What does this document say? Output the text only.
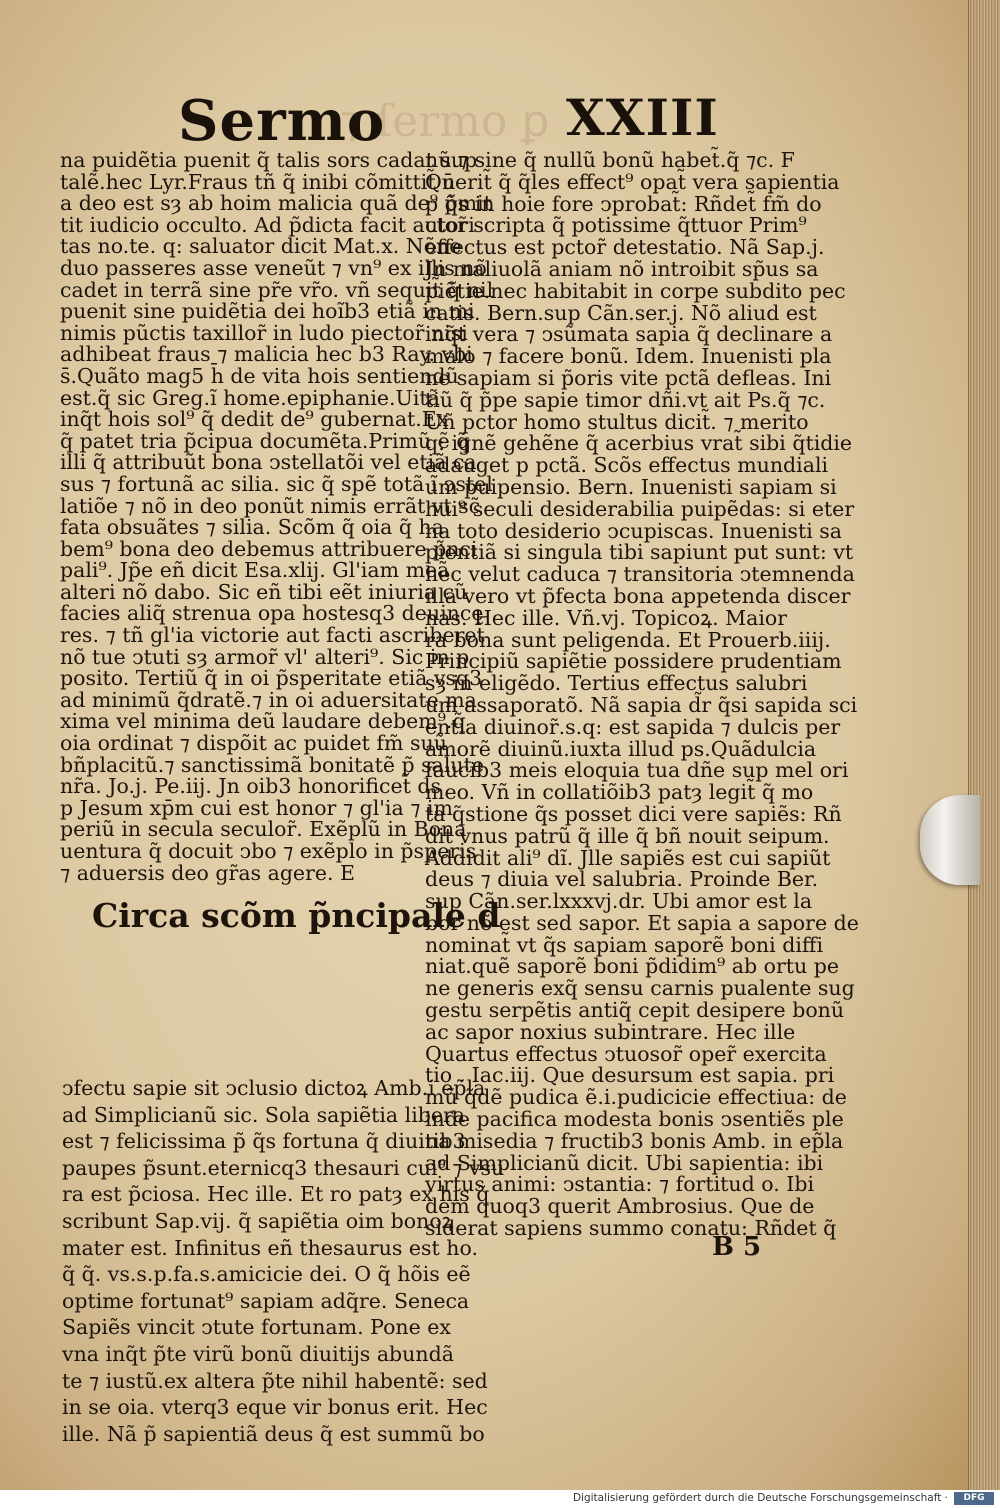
⁊ ſermo ꝑ
Sermo	XXIII
na puidẽtia puenit q̃ talis sors cadat sup
talẽ.hec Lyr.Fraus tñ q̃ inibi cõmittit̃ n̄
a deo est sȝ ab hoim malicia quã de⁹ p̃mit
tit iudicio occulto. Ad p̃dicta facit autori
tas no.te. q: saluator dicit Mat.x. Nõne
duo passeres asse veneũt ⁊ vn⁹ ex illis nõ
cadet in terrã sine pr̃e vr̃o. vñ sequit̃ q̃ nil
puenit sine puidẽtia dei hoĩb3 etiã in mi
nimis pũctis taxillor̃ in ludo piector̃ nisi
adhibeat fraus ⁊ malicia hec b3 Ray. vbi
s̄.Quãto mag5 h̄ de vita hois sentiendũ
est.q̃ sic Greg.ĩ home.epiphanie.Uitã
inq̃t hois sol⁹ q̃ dedit de⁹ gubernat.Ex
q̃ patet tria p̃cipua documẽta.Primũ ẽ q̃
illi q̃ attribuũt bona ↄstellatõi vel etiã ca
sus ⁊ fortunã ac silia. sic q̃ spẽ totã ĩ ↄstel
latiõe ⁊ nõ in deo ponũt nimis errãt vt sc̃
fata obsuãtes ⁊ silia. Scõm q̃ oia q̃ ha
bem⁹ bona deo debemus attribuere p̃nci
pali⁹. Jp̃e eñ dicit Esa.xlij. Gl'iam meã
alteri nõ dabo. Sic eñ tibi eẽt iniuria cũ
facies aliq̃ strenua opa hostesq3 deuince
res. ⁊ tñ gl'ia victorie aut facti ascriberet̃
nõ tue ↄtuti sȝ armor̃ vl' alteri⁹. Sic in p
posito. Tertiũ q̃ in oi p̃speritate etiã vsq3
ad minimũ q̃dratẽ.⁊ in oi aduersitate ma
xima vel minima deũ laudare debem⁹.q̃
oia ordinat ⁊ dispõit ac puidet fm̃ suũ
bñplacitũ.⁊ sanctissimã bonitatẽ p̃ salute
nr̃a. Jo.j. Pe.iij. Jn oib3 honorificet̃ ds
p Jesum xp̄m cui est honor ⁊ gl'ia ⁊ im
periũ in secula seculor̃. Exẽplũ in Bona
uentura q̃ docuit ↄbo ⁊ exẽplo in p̃speris
⁊ aduersis deo gr̃as agere. E
ↄfectu sapie sit ↄclusio dictoꝝ Amb.i ep̃la
ad Simplicianũ sic. Sola sapiẽtia libera
est ⁊ felicissima p̃ q̃s fortuna q̃ diuitib3
paupes p̃sunt.eternicq3 thesauri cui⁹ ⁊ vsu
ra est p̃ciosa. Hec ille. Et ro patȝ ex his q̃
scribunt Sap.vij. q̃ sapiẽtia oim bonoꝝ
mater est. Infinitus eñ thesaurus est ho.
q̃ q̃. vs.s.p.fa.s.amicicie dei. O q̃ hõis eẽ
optime fortunat⁹ sapiam adq̃re. Seneca
Sapiẽs vincit ↄtute fortunam. Pone ex
vna inq̃t p̃te virũ bonũ diuitijs abundã
te ⁊ iustũ.ex altera p̃te nihil habentẽ: sed
in se oia. vterq3 eque vir bonus erit. Hec
ille. Nã p̃ sapientiã deus q̃ est summũ bo
Circa scõm p̃ncipale d
nũ.⁊ sine q̃ nullũ bonũ habet̃.q̃ ⁊c. F
Querit̃ q̃ q̃les effect⁹ opat̃ vera sapientia
p q̃s in hoie fore ↄprobat̃: Rñdet̃ fm̃ do
ctor̃ scripta q̃ potissime q̃ttuor Prim⁹
effectus est pctor̃ detestatio. Nã Sap.j.
Jn maliuolã aniam nõ introibit sp̃us sa
piẽtie.nec habitabit in corpe subdito pec
catis. Bern.sup Cãn.ser.j. Nõ aliud est
inq̃t vera ⁊ ↄsũmata sapia q̃ declinare a
malo ⁊ facere bonũ. Idem. Inuenisti pla
ne sapiam si p̃oris vite pctã defleas. Ini
tiũ q̃ p̃pe sapie timor dñi.vt ait Ps.q̃ ⁊c.
Uñ pctor homo stultus dicit̃. ⁊ merito
q: ignẽ gehẽne q̃ acerbius vrat̃ sibi q̃tidie
adauget p pctã. Scõs effectus mundiali
um puipensio. Bern. Inuenisti sapiam si
hui⁹ seculi desiderabilia puipẽdas: si eter
na toto desiderio ↄcupiscas. Inuenisti sa
pientiã si singula tibi sapiunt put sunt: vt
hec velut caduca ⁊ transitoria ↄtemnenda
illa vero vt p̃fecta bona appetenda discer
nas. Hec ille. Vñ.vj. Topicoꝝ. Maior
ra bona sunt peligenda. Et Prouerb.iiij.
Principiũ sapiẽtie possidere prudentiam
sȝ in eligẽdo. Tertius effectus salubri
um assaporatõ. Nã sapia d̃r q̃si sapida sci
entia diuinor̃.s.q: est sapida ⁊ dulcis per
amorẽ diuinũ.iuxta illud ps.Quãdulcia
faucib3 meis eloquia tua dñe sup mel ori
meo. Vñ in collatiõib3 patȝ legit̃ q̃ mo
ta q̃stione q̃s posset dici vere sapiẽs: Rñ
dit vnus patrũ q̃ ille q̃ bñ nouit seipum.
Addidit ali⁹ dĩ. Jlle sapiẽs est cui sapiũt
deus ⁊ diuia vel salubria. Proinde Ber.
sup Cãn.ser.lxxxvj.dr. Ubi amor est la
bor nõ est sed sapor. Et sapia a sapore de
nominat̃ vt q̃s sapiam saporẽ boni diffi
niat.quẽ saporẽ boni p̃didim⁹ ab ortu pe
ne generis exq̃ sensu carnis pualente sug
gestu serpẽtis antiq̃ cepit desipere bonũ
ac sapor noxius subintrare. Hec ille
Quartus effectus ↄtuosor̃ oper̃ exercita
tio . Iac.iij. Que desursum est sapia. pri
mũ q̃dẽ pudica ẽ.i.pudicicie effectiua: de
inde pacifica modesta bonis ↄsentiẽs ple
na misedia ⁊ fructib3 bonis Amb. in ep̃la
ad Simplicianũ dicit. Ubi sapientia: ibi
virtus animi: ↄstantia: ⁊ fortitud o. Ibi
dem quoq3 querit Ambrosius. Que de
siderat sapiens summo conatu: Rñdet q̃
B 5
Digitalisierung gefördert durch die Deutsche Forschungsgemeinschaft ·	DFG
